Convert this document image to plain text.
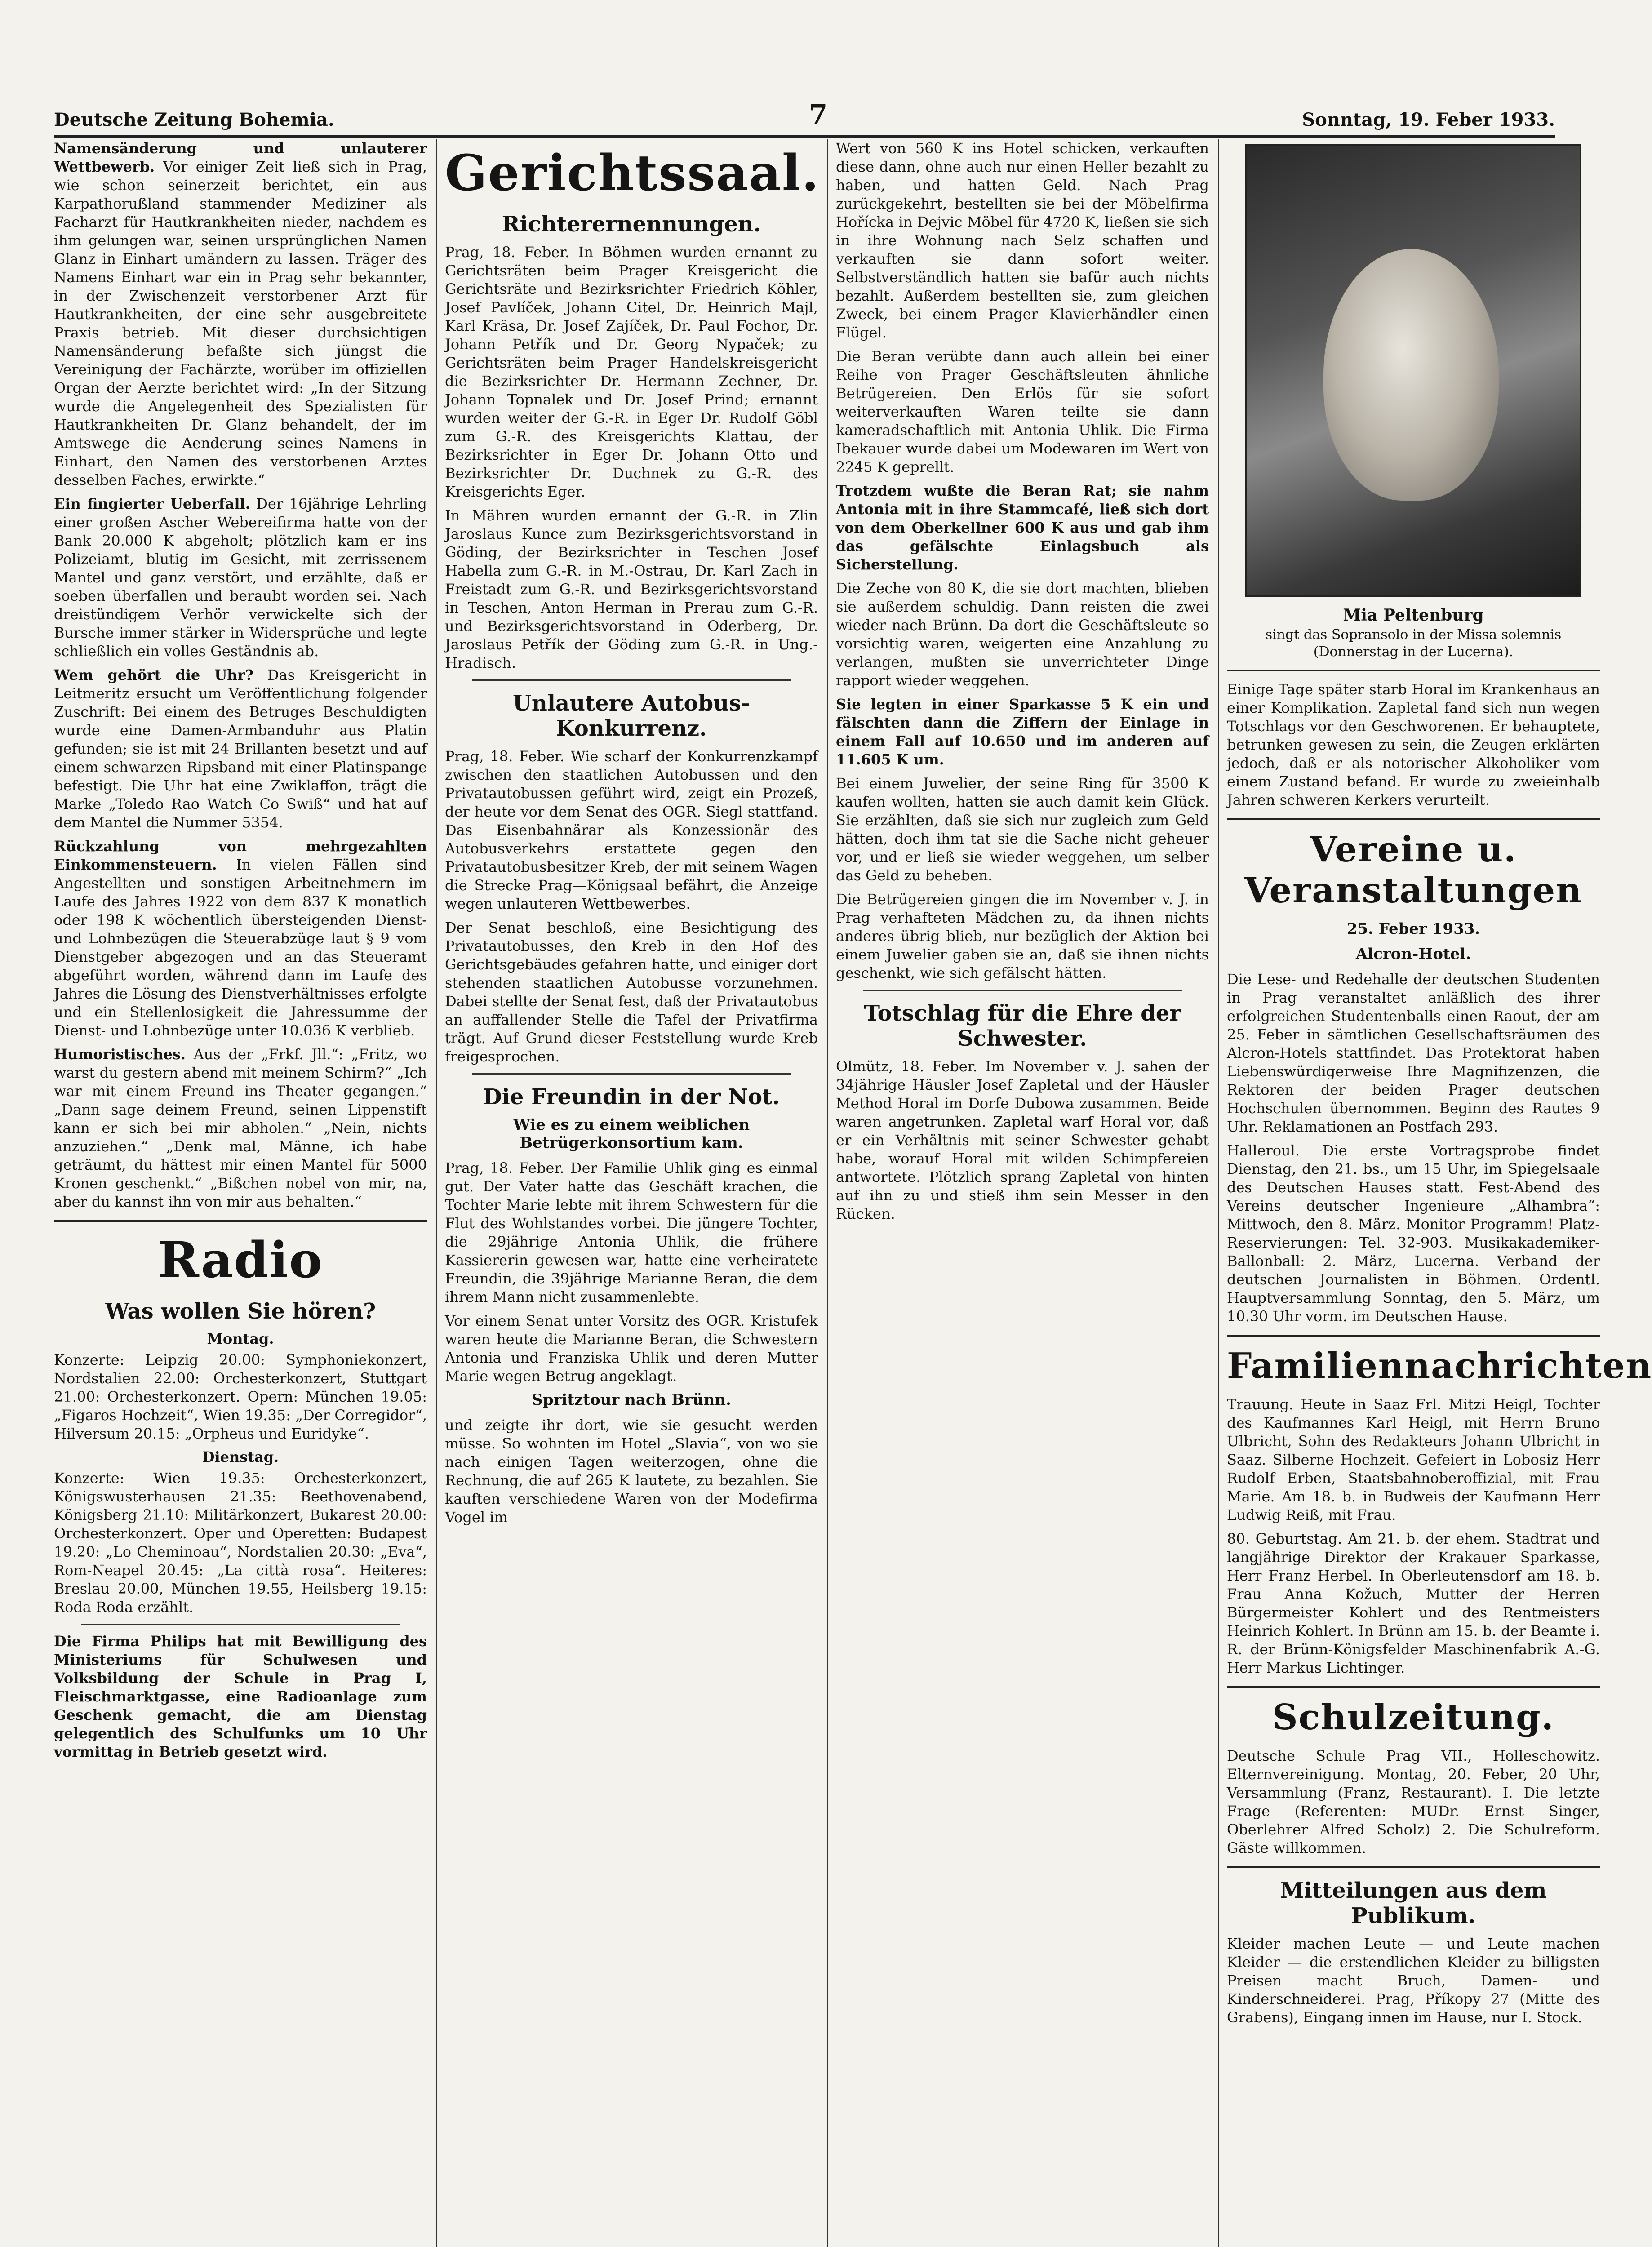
Deutsche Zeitung Bohemia.	7	Sonntag, 19. Feber 1933.

Namensänderung und unlauterer Wettbewerb. Vor einiger Zeit ließ sich in Prag, wie schon seinerzeit berichtet, ein aus Karpathorußland stammender Mediziner als Facharzt für Hautkrankheiten nieder, nachdem es ihm gelungen war, seinen ursprünglichen Namen Glanz in Einhart umändern zu lassen. Träger des Namens Einhart war ein in Prag sehr bekannter, in der Zwischenzeit verstorbener Arzt für Hautkrankheiten, der eine sehr ausgebreitete Praxis betrieb. Mit dieser durchsichtigen Namensänderung befaßte sich jüngst die Vereinigung der Fachärzte, worüber im offiziellen Organ der Aerzte berichtet wird: „In der Sitzung wurde die Angelegenheit des Spezialisten für Hautkrankheiten Dr. Glanz behandelt, der im Amtswege die Aenderung seines Namens in Einhart, den Namen des verstorbenen Arztes desselben Faches, erwirkte.“

Ein fingierter Ueberfall. Der 16jährige Lehrling einer großen Ascher Webereifirma hatte von der Bank 20.000 K abgeholt; plötzlich kam er ins Polizeiamt, blutig im Gesicht, mit zerrissenem Mantel und ganz verstört, und erzählte, daß er soeben überfallen und beraubt worden sei. Nach dreistündigem Verhör verwickelte sich der Bursche immer stärker in Widersprüche und legte schließlich ein volles Geständnis ab.

Wem gehört die Uhr? Das Kreisgericht in Leitmeritz ersucht um Veröffentlichung folgender Zuschrift: Bei einem des Betruges Beschuldigten wurde eine Damen-Armbanduhr aus Platin gefunden; sie ist mit 24 Brillanten besetzt und auf einem schwarzen Ripsband mit einer Platinspange befestigt. Die Uhr hat eine Zwiklaffon, trägt die Marke „Toledo Rao Watch Co Swiß“ und hat auf dem Mantel die Nummer 5354.

Rückzahlung von mehrgezahlten Einkommensteuern. In vielen Fällen sind Angestellten und sonstigen Arbeitnehmern im Laufe des Jahres 1922 von dem 837 K monatlich oder 198 K wöchentlich übersteigenden Dienst- und Lohnbezügen die Steuerabzüge laut § 9 vom Dienstgeber abgezogen und an das Steueramt abgeführt worden, während dann im Laufe des Jahres die Lösung des Dienstverhältnisses erfolgte und ein Stellenlosigkeit die Jahressumme der Dienst- und Lohnbezüge unter 10.036 K verblieb.

Humoristisches. Aus der „Frkf. Jll.“: „Fritz, wo warst du gestern abend mit meinem Schirm?“ „Ich war mit einem Freund ins Theater gegangen.“ „Dann sage deinem Freund, seinen Lippenstift kann er sich bei mir abholen.“ „Nein, nichts anzuziehen.“ „Denk mal, Männe, ich habe geträumt, du hättest mir einen Mantel für 5000 Kronen geschenkt.“ „Bißchen nobel von mir, na, aber du kannst ihn von mir aus behalten.“

Radio
Was wollen Sie hören?
Montag.

Konzerte: Leipzig 20.00: Symphoniekonzert, Nordstalien 22.00: Orchesterkonzert, Stuttgart 21.00: Orchesterkonzert. Opern: München 19.05: „Figaros Hochzeit“, Wien 19.35: „Der Corregidor“, Hilversum 20.15: „Orpheus und Euridyke“.

Dienstag.

Konzerte: Wien 19.35: Orchesterkonzert, Königswusterhausen 21.35: Beethovenabend, Königsberg 21.10: Militärkonzert, Bukarest 20.00: Orchesterkonzert. Oper und Operetten: Budapest 19.20: „Lo Cheminoau“, Nordstalien 20.30: „Eva“, Rom-Neapel 20.45: „La città rosa“. Heiteres: Breslau 20.00, München 19.55, Heilsberg 19.15: Roda Roda erzählt.

Die Firma Philips hat mit Bewilligung des Ministeriums für Schulwesen und Volksbildung der Schule in Prag I, Fleischmarktgasse, eine Radioanlage zum Geschenk gemacht, die am Dienstag gelegentlich des Schulfunks um 10 Uhr vormittag in Betrieb gesetzt wird.

Gerichtssaal.
Richterernennungen.

Prag, 18. Feber. In Böhmen wurden ernannt zu Gerichtsräten beim Prager Kreisgericht die Gerichtsräte und Bezirksrichter Friedrich Köhler, Josef Pavlíček, Johann Citel, Dr. Heinrich Majl, Karl Kräsa, Dr. Josef Zajíček, Dr. Paul Fochor, Dr. Johann Petřík und Dr. Georg Nypaček; zu Gerichtsräten beim Prager Handelskreisgericht die Bezirksrichter Dr. Hermann Zechner, Dr. Johann Topnalek und Dr. Josef Prind; ernannt wurden weiter der G.-R. in Eger Dr. Rudolf Göbl zum G.-R. des Kreisgerichts Klattau, der Bezirksrichter in Eger Dr. Johann Otto und Bezirksrichter Dr. Duchnek zu G.-R. des Kreisgerichts Eger.

In Mähren wurden ernannt der G.-R. in Zlin Jaroslaus Kunce zum Bezirksgerichtsvorstand in Göding, der Bezirksrichter in Teschen Josef Habella zum G.-R. in M.-Ostrau, Dr. Karl Zach in Freistadt zum G.-R. und Bezirksgerichtsvorstand in Teschen, Anton Herman in Prerau zum G.-R. und Bezirksgerichtsvorstand in Oderberg, Dr. Jaroslaus Petřík der Göding zum G.-R. in Ung.-Hradisch.

Unlautere Autobus-Konkurrenz.

Prag, 18. Feber. Wie scharf der Konkurrenzkampf zwischen den staatlichen Autobussen und den Privatautobussen geführt wird, zeigt ein Prozeß, der heute vor dem Senat des OGR. Siegl stattfand. Das Eisenbahnärar als Konzessionär des Autobusverkehrs erstattete gegen den Privatautobusbesitzer Kreb, der mit seinem Wagen die Strecke Prag—Königsaal befährt, die Anzeige wegen unlauteren Wettbewerbes.

Der Senat beschloß, eine Besichtigung des Privatautobusses, den Kreb in den Hof des Gerichtsgebäudes gefahren hatte, und einiger dort stehenden staatlichen Autobusse vorzunehmen. Dabei stellte der Senat fest, daß der Privatautobus an auffallender Stelle die Tafel der Privatfirma trägt. Auf Grund dieser Feststellung wurde Kreb freigesprochen.

Die Freundin in der Not.
Wie es zu einem weiblichen Betrügerkonsortium kam.

Prag, 18. Feber. Der Familie Uhlik ging es einmal gut. Der Vater hatte das Geschäft krachen, die Tochter Marie lebte mit ihrem Schwestern für die Flut des Wohlstandes vorbei. Die jüngere Tochter, die 29jährige Antonia Uhlik, die frühere Kassiererin gewesen war, hatte eine verheiratete Freundin, die 39jährige Marianne Beran, die dem ihrem Mann nicht zusammenlebte.

Vor einem Senat unter Vorsitz des OGR. Kristufek waren heute die Marianne Beran, die Schwestern Antonia und Franziska Uhlik und deren Mutter Marie wegen Betrug angeklagt.

Spritztour nach Brünn.

und zeigte ihr dort, wie sie gesucht werden müsse. So wohnten im Hotel „Slavia“, von wo sie nach einigen Tagen weiterzogen, ohne die Rechnung, die auf 265 K lautete, zu bezahlen. Sie kauften verschiedene Waren von der Modefirma Vogel im

Wert von 560 K ins Hotel schicken, verkauften diese dann, ohne auch nur einen Heller bezahlt zu haben, und hatten Geld. Nach Prag zurückgekehrt, bestellten sie bei der Möbelfirma Hořícka in Dejvic Möbel für 4720 K, ließen sie sich in ihre Wohnung nach Selz schaffen und verkauften sie dann sofort weiter. Selbstverständlich hatten sie bafür auch nichts bezahlt. Außerdem bestellten sie, zum gleichen Zweck, bei einem Prager Klavierhändler einen Flügel.

Die Beran verübte dann auch allein bei einer Reihe von Prager Geschäftsleuten ähnliche Betrügereien. Den Erlös für sie sofort weiterverkauften Waren teilte sie dann kameradschaftlich mit Antonia Uhlik. Die Firma Ibekauer wurde dabei um Modewaren im Wert von 2245 K geprellt.

Trotzdem wußte die Beran Rat; sie nahm Antonia mit in ihre Stammcafé, ließ sich dort von dem Oberkellner 600 K aus und gab ihm das gefälschte Einlagsbuch als Sicherstellung.

Die Zeche von 80 K, die sie dort machten, blieben sie außerdem schuldig. Dann reisten die zwei wieder nach Brünn. Da dort die Geschäftsleute so vorsichtig waren, weigerten eine Anzahlung zu verlangen, mußten sie unverrichteter Dinge rapport wieder weggehen.

Sie legten in einer Sparkasse 5 K ein und fälschten dann die Ziffern der Einlage in einem Fall auf 10.650 und im anderen auf 11.605 K um.

Bei einem Juwelier, der seine Ring für 3500 K kaufen wollten, hatten sie auch damit kein Glück. Sie erzählten, daß sie sich nur zugleich zum Geld hätten, doch ihm tat sie die Sache nicht geheuer vor, und er ließ sie wieder weggehen, um selber das Geld zu beheben.

Die Betrügereien gingen die im November v. J. in Prag verhafteten Mädchen zu, da ihnen nichts anderes übrig blieb, nur bezüglich der Aktion bei einem Juwelier gaben sie an, daß sie ihnen nichts geschenkt, wie sich gefälscht hätten.

Totschlag für die Ehre der Schwester.

Olmütz, 18. Feber. Im November v. J. sahen der 34jährige Häusler Josef Zapletal und der Häusler Method Horal im Dorfe Dubowa zusammen. Beide waren angetrunken. Zapletal warf Horal vor, daß er ein Verhältnis mit seiner Schwester gehabt habe, worauf Horal mit wilden Schimpfereien antwortete. Plötzlich sprang Zapletal von hinten auf ihn zu und stieß ihm sein Messer in den Rücken.

Mia Peltenburg
singt das Sopransolo in der Missa solemnis (Donnerstag in der Lucerna).

Einige Tage später starb Horal im Krankenhaus an einer Komplikation. Zapletal fand sich nun wegen Totschlags vor den Geschworenen. Er behauptete, betrunken gewesen zu sein, die Zeugen erklärten jedoch, daß er als notorischer Alkoholiker vom einem Zustand befand. Er wurde zu zweieinhalb Jahren schweren Kerkers verurteilt.

Vereine u. Veranstaltungen
25. Feber 1933.
Alcron-Hotel.

Die Lese- und Redehalle der deutschen Studenten in Prag veranstaltet anläßlich des ihrer erfolgreichen Studentenballs einen Raout, der am 25. Feber in sämtlichen Gesellschaftsräumen des Alcron-Hotels stattfindet. Das Protektorat haben Liebenswürdigerweise Ihre Magnifizenzen, die Rektoren der beiden Prager deutschen Hochschulen übernommen. Beginn des Rautes 9 Uhr. Reklamationen an Postfach 293.

Halleroul. Die erste Vortragsprobe findet Dienstag, den 21. bs., um 15 Uhr, im Spiegelsaale des Deutschen Hauses statt. Fest-Abend des Vereins deutscher Ingenieure „Alhambra“: Mittwoch, den 8. März. Monitor Programm! Platz-Reservierungen: Tel. 32-903. Musikakademiker-Ballonball: 2. März, Lucerna. Verband der deutschen Journalisten in Böhmen. Ordentl. Hauptversammlung Sonntag, den 5. März, um 10.30 Uhr vorm. im Deutschen Hause.

Familiennachrichten

Trauung. Heute in Saaz Frl. Mitzi Heigl, Tochter des Kaufmannes Karl Heigl, mit Herrn Bruno Ulbricht, Sohn des Redakteurs Johann Ulbricht in Saaz. Silberne Hochzeit. Gefeiert in Lobosiz Herr Rudolf Erben, Staatsbahnoberoffizial, mit Frau Marie. Am 18. b. in Budweis der Kaufmann Herr Ludwig Reiß, mit Frau.

80. Geburtstag. Am 21. b. der ehem. Stadtrat und langjährige Direktor der Krakauer Sparkasse, Herr Franz Herbel. In Oberleutensdorf am 18. b. Frau Anna Kožuch, Mutter der Herren Bürgermeister Kohlert und des Rentmeisters Heinrich Kohlert. In Brünn am 15. b. der Beamte i. R. der Brünn-Königsfelder Maschinenfabrik A.-G. Herr Markus Lichtinger.

Schulzeitung.

Deutsche Schule Prag VII., Holleschowitz. Elternvereinigung. Montag, 20. Feber, 20 Uhr, Versammlung (Franz, Restaurant). I. Die letzte Frage (Referenten: MUDr. Ernst Singer, Oberlehrer Alfred Scholz) 2. Die Schulreform. Gäste willkommen.

Mitteilungen aus dem Publikum.

Kleider machen Leute — und Leute machen Kleider — die erstendlichen Kleider zu billigsten Preisen macht Bruch, Damen- und Kinderschneiderei. Prag, Příkopy 27 (Mitte des Grabens), Eingang innen im Hause, nur I. Stock.
